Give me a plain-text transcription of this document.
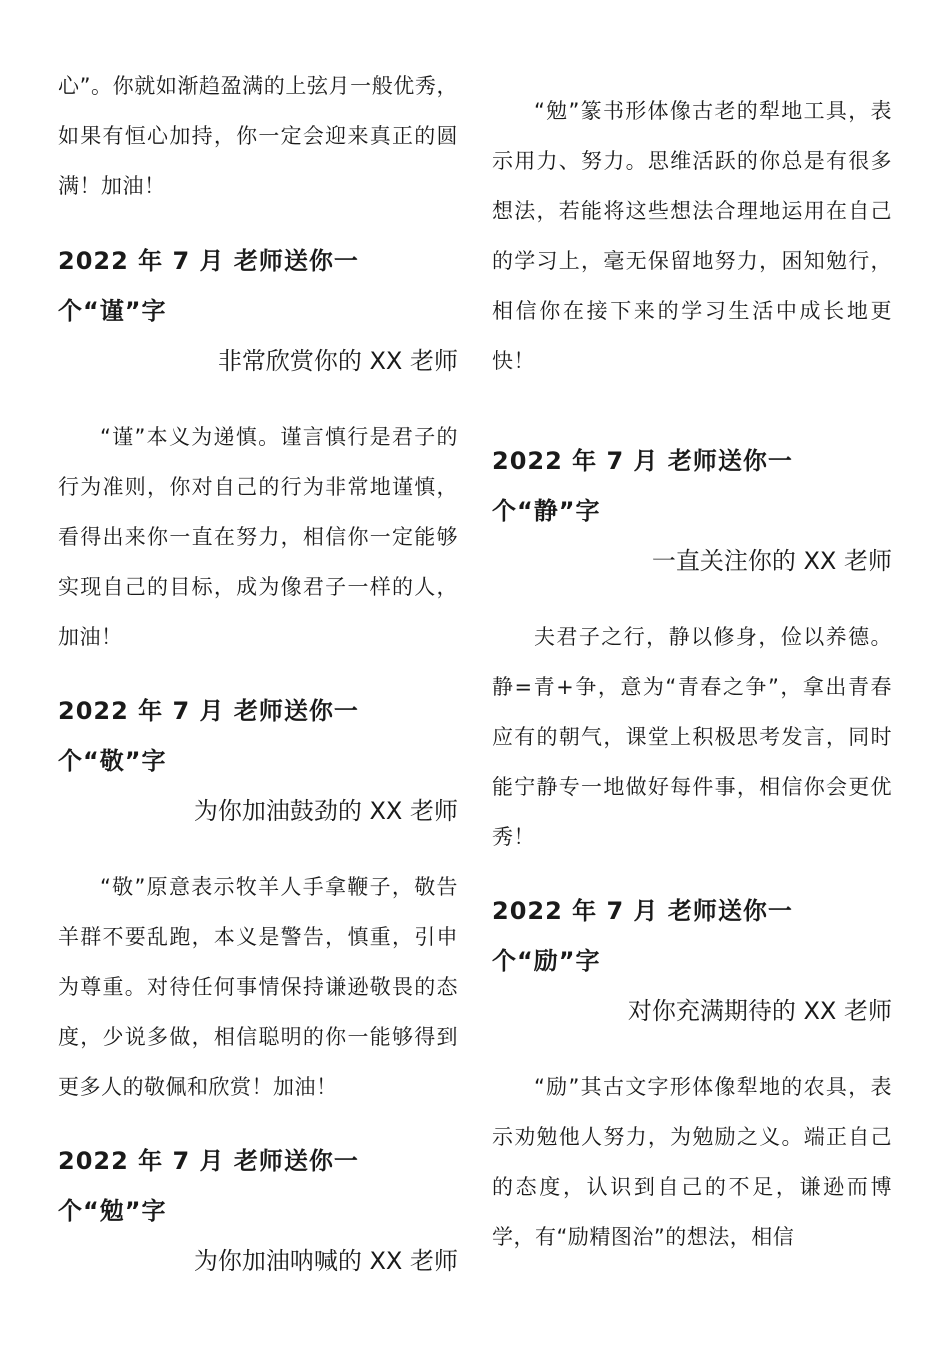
心”。你就如渐趋盈满的上弦月一般优秀，如果有恒心加持，你一定会迎来真正的圆满！加油！

2022 年 7 月 老师送你一个“谨”字

非常欣赏你的 XX 老师

“谨”本义为递慎。谨言慎行是君子的行为准则，你对自己的行为非常地谨慎，看得出来你一直在努力，相信你一定能够实现自己的目标，成为像君子一样的人，加油！

2022 年 7 月 老师送你一个“敬”字

为你加油鼓劲的 XX 老师

“敬”原意表示牧羊人手拿鞭子，敬告羊群不要乱跑，本义是警告，慎重，引申为尊重。对待任何事情保持谦逊敬畏的态度，少说多做，相信聪明的你一能够得到更多人的敬佩和欣赏！加油！

2022 年 7 月 老师送你一个“勉”字

为你加油呐喊的 XX 老师

“勉”篆书形体像古老的犁地工具，表示用力、努力。思维活跃的你总是有很多想法，若能将这些想法合理地运用在自己的学习上，毫无保留地努力，困知勉行，相信你在接下来的学习生活中成长地更快！

2022 年 7 月 老师送你一个“静”字

一直关注你的 XX 老师

夫君子之行，静以修身，俭以养德。静=青+争，意为“青春之争”，拿出青春应有的朝气，课堂上积极思考发言，同时能宁静专一地做好每件事，相信你会更优秀！

2022 年 7 月 老师送你一个“励”字

对你充满期待的 XX 老师

“励”其古文字形体像犁地的农具，表示劝勉他人努力，为勉励之义。端正自己的态度，认识到自己的不足，谦逊而博学，有“励精图治”的想法，相信
